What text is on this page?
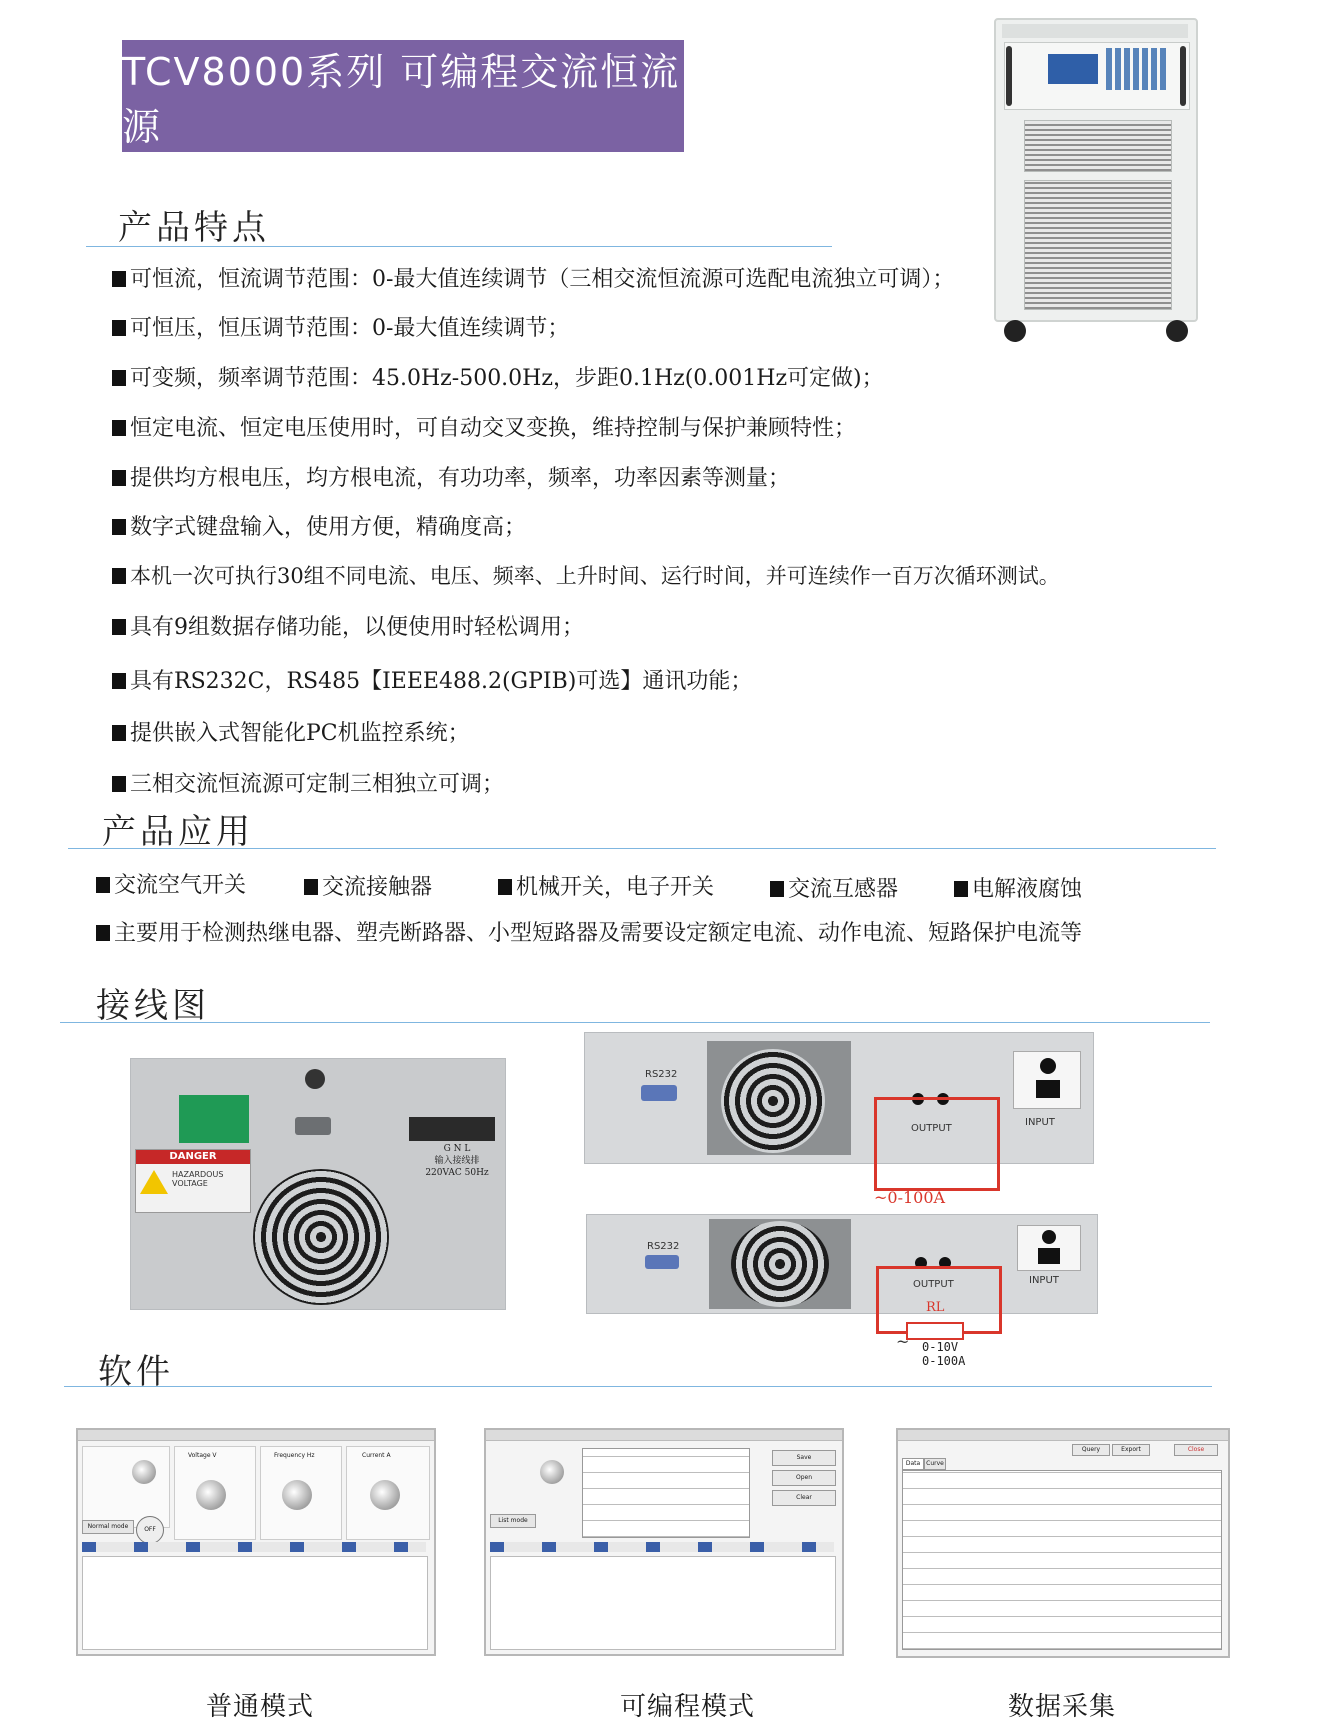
TCV8000系列 可编程交流恒流源
产品特点
可恒流，恒流调节范围：0-最大值连续调节（三相交流恒流源可选配电流独立可调）；
可恒压，恒压调节范围：0-最大值连续调节；
可变频，频率调节范围：45.0Hz-500.0Hz，步距0.1Hz(0.001Hz可定做)；
恒定电流、恒定电压使用时，可自动交叉变换，维持控制与保护兼顾特性；
提供均方根电压，均方根电流，有功功率，频率，功率因素等测量；
数字式键盘输入，使用方便，精确度高；
本机一次可执行30组不同电流、电压、频率、上升时间、运行时间，并可连续作一百万次循环测试。
具有9组数据存储功能，以便使用时轻松调用；
具有RS232C，RS485【IEEE488.2(GPIB)可选】通讯功能；
提供嵌入式智能化PC机监控系统；
三相交流恒流源可定制三相独立可调；
产品应用
交流空气开关	交流接触器	机械开关，电子开关	交流互感器	电解液腐蚀
主要用于检测热继电器、塑壳断路器、小型短路器及需要设定额定电流、动作电流、短路保护电流等
接线图
DANGER
HAZARDOUS VOLTAGE
G N L
输入接线排
220VAC 50Hz
RS232
OUTPUT
INPUT
~0-100A
RS232
OUTPUT	INPUT
RL
~ 0-10V
0-100A
软件
Normal mode	OFF
Voltage V	Frequency Hz	Current A
List mode
Save
Open
Clear
Query	Export	Close
Data Curve
普通模式	可编程模式	数据采集
